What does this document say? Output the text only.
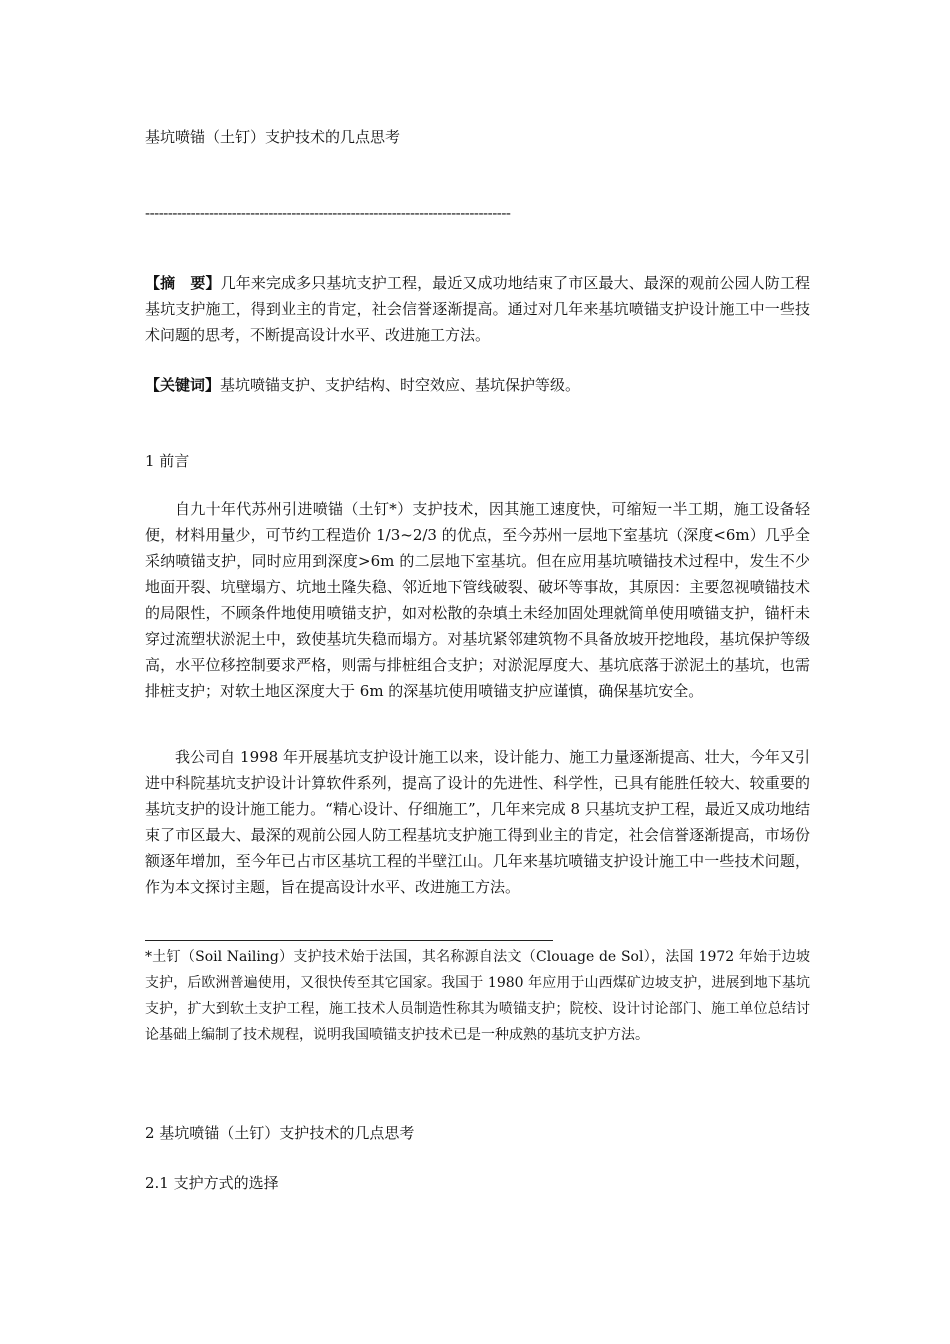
基坑喷锚（土钉）支护技术的几点思考
--------------------------------------------------------------------------------

【摘　要】几年来完成多只基坑支护工程，最近又成功地结束了市区最大、最深的观前公园人防工程基坑支护施工，得到业主的肯定，社会信誉逐渐提高。通过对几年来基坑喷锚支护设计施工中一些技术问题的思考，不断提高设计水平、改进施工方法。

【关键词】基坑喷锚支护、支护结构、时空效应、基坑保护等级。

1 前言

自九十年代苏州引进喷锚（土钉*）支护技术，因其施工速度快，可缩短一半工期，施工设备轻便，材料用量少，可节约工程造价 1/3~2/3 的优点，至今苏州一层地下室基坑（深度<6m）几乎全采纳喷锚支护，同时应用到深度>6m 的二层地下室基坑。但在应用基坑喷锚技术过程中，发生不少地面开裂、坑壁塌方、坑地土隆失稳、邻近地下管线破裂、破坏等事故，其原因：主要忽视喷锚技术的局限性，不顾条件地使用喷锚支护，如对松散的杂填土未经加固处理就简单使用喷锚支护，锚杆未穿过流塑状淤泥土中，致使基坑失稳而塌方。对基坑紧邻建筑物不具备放坡开挖地段，基坑保护等级高，水平位移控制要求严格，则需与排桩组合支护；对淤泥厚度大、基坑底落于淤泥土的基坑，也需排桩支护；对软土地区深度大于 6m 的深基坑使用喷锚支护应谨慎，确保基坑安全。

我公司自 1998 年开展基坑支护设计施工以来，设计能力、施工力量逐渐提高、壮大，今年又引进中科院基坑支护设计计算软件系列，提高了设计的先进性、科学性，已具有能胜任较大、较重要的基坑支护的设计施工能力。“精心设计、仔细施工”，几年来完成 8 只基坑支护工程，最近又成功地结束了市区最大、最深的观前公园人防工程基坑支护施工得到业主的肯定，社会信誉逐渐提高，市场份额逐年增加，至今年已占市区基坑工程的半壁江山。几年来基坑喷锚支护设计施工中一些技术问题，作为本文探讨主题，旨在提高设计水平、改进施工方法。

*土钉（Soil Nailing）支护技术始于法国，其名称源自法文（Clouage de Sol），法国 1972 年始于边坡支护，后欧洲普遍使用，又很快传至其它国家。我国于 1980 年应用于山西煤矿边坡支护，进展到地下基坑支护，扩大到软土支护工程，施工技术人员制造性称其为喷锚支护；院校、设计讨论部门、施工单位总结讨论基础上编制了技术规程，说明我国喷锚支护技术已是一种成熟的基坑支护方法。

2 基坑喷锚（土钉）支护技术的几点思考
2.1 支护方式的选择
